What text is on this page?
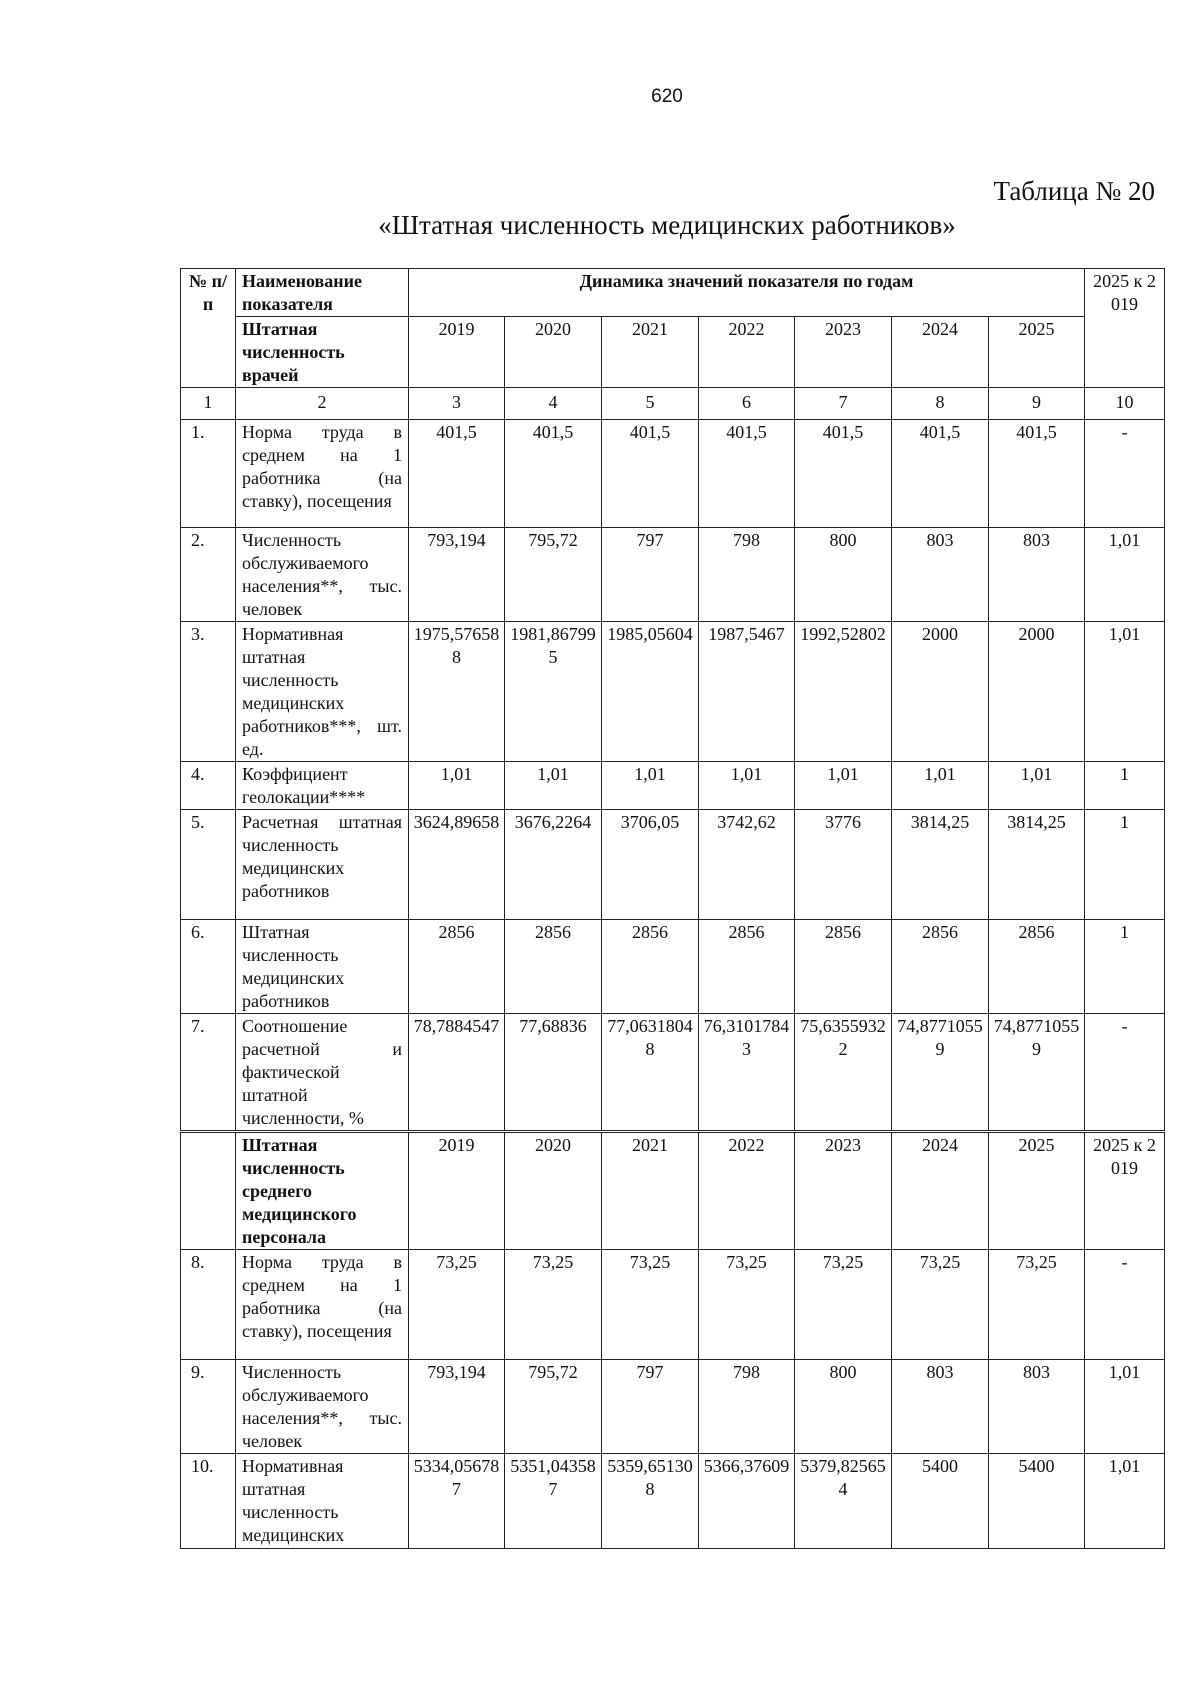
620
Таблица № 20
«Штатная численность медицинских работников»
№ п/п	Наименование показателя	Динамика значений показателя по годам							2025 к 2019
	Штатная численность врачей	2019	2020	2021	2022	2023	2024	2025	
1	2	3	4	5	6	7	8	9	10
1.	Норма труда в среднем на 1 работника (на ставку), посещения	401,5	401,5	401,5	401,5	401,5	401,5	401,5	-
2.	Численность обслуживаемого населения**, тыс. человек	793,194	795,72	797	798	800	803	803	1,01
3.	Нормативная штатная численность медицинских работников***, шт. ед.	1975,576588	1981,867995	1985,05604	1987,5467	1992,52802	2000	2000	1,01
4.	Коэффициент геолокации****	1,01	1,01	1,01	1,01	1,01	1,01	1,01	1
5.	Расчетная штатная численность медицинских работников	3624,89658	3676,2264	3706,05	3742,62	3776	3814,25	3814,25	1
6.	Штатная численность медицинских работников	2856	2856	2856	2856	2856	2856	2856	1
7.	Соотношение расчетной и фактической штатной численности, %	78,7884547	77,68836	77,06318048	76,31017843	75,63559322	74,87710559	74,87710559	-
	Штатная численность среднего медицинского персонала	2019	2020	2021	2022	2023	2024	2025	2025 к 2019
8.	Норма труда в среднем на 1 работника (на ставку), посещения	73,25	73,25	73,25	73,25	73,25	73,25	73,25	-
9.	Численность обслуживаемого населения**, тыс. человек	793,194	795,72	797	798	800	803	803	1,01
10.	Нормативная штатная численность медицинских	5334,056787	5351,043587	5359,651308	5366,37609	5379,825654	5400	5400	1,01
